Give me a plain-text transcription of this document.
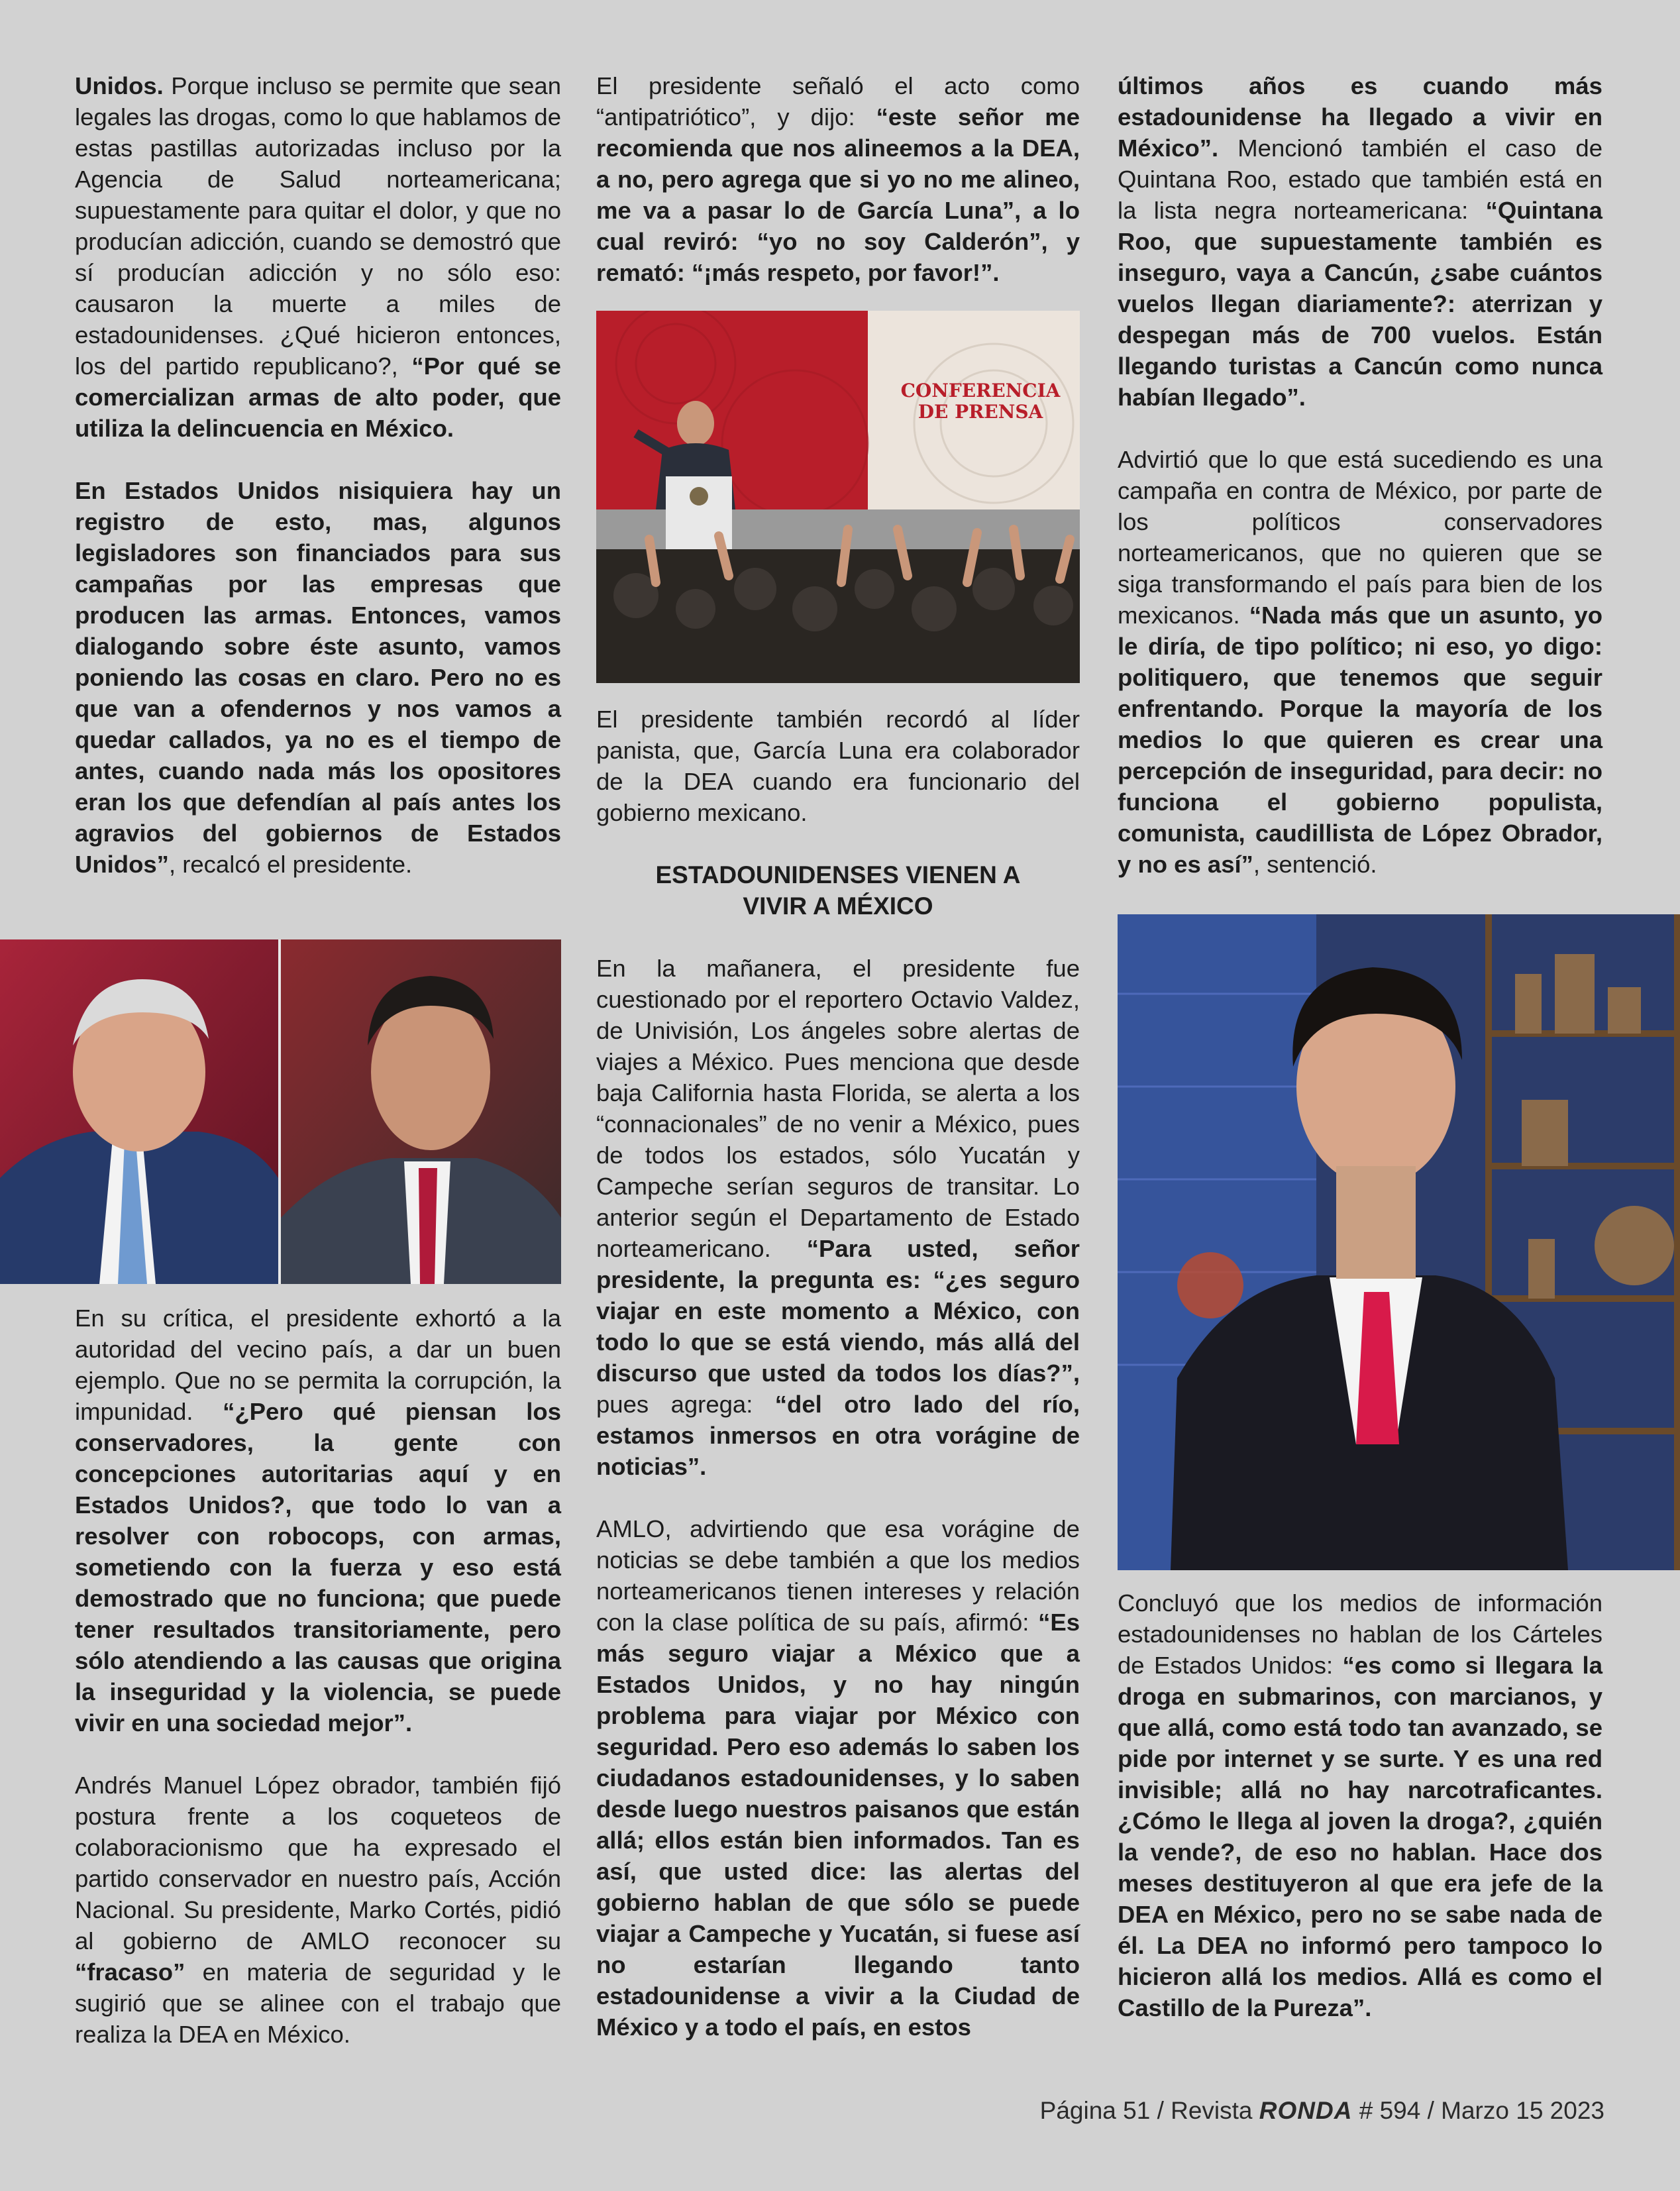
Unidos. Porque incluso se permite que sean legales las drogas, como lo que hablamos de estas pastillas autorizadas incluso por la Agencia de Salud norteamericana; supuestamente para quitar el dolor, y que no producían adicción, cuando se demostró que sí producían adicción y no sólo eso: causaron la muerte a miles de estadounidenses. ¿Qué hicieron entonces, los del partido republicano?, “Por qué se comercializan armas de alto poder, que utiliza la delincuencia en México.

En Estados Unidos nisiquiera hay un registro de esto, mas, algunos legisladores son financiados para sus campañas por las empresas que producen las armas. Entonces, vamos dialogando sobre éste asunto, vamos poniendo las cosas en claro. Pero no es que van a ofendernos y nos vamos a quedar callados, ya no es el tiempo de antes, cuando nada más los opositores eran los que defendían al país antes los agravios del gobiernos de Estados Unidos”, recalcó el presidente.

En su crítica, el presidente exhortó a la autoridad del vecino país, a dar un buen ejemplo. Que no se permita la corrupción, la impunidad. “¿Pero qué piensan los conservadores, la gente con concepciones autoritarias aquí y en Estados Unidos?, que todo lo van a resolver con robocops, con armas, sometiendo con la fuerza y eso está demostrado que no funciona; que puede tener resultados transitoriamente, pero sólo atendiendo a las causas que origina la inseguridad y la violencia, se puede vivir en una sociedad mejor”.

Andrés Manuel López obrador, también fijó postura frente a los coqueteos de colaboracionismo que ha expresado el partido conservador en nuestro país, Acción Nacional. Su presidente, Marko Cortés, pidió al gobierno de AMLO reconocer su “fracaso” en materia de seguridad y le sugirió que se alinee con el trabajo que realiza la DEA en México.

El presidente señaló el acto como “antipatriótico”, y dijo: “este señor me recomienda que nos alineemos a la DEA, a no, pero agrega que si yo no me alineo, me va a pasar lo de García Luna”, a lo cual reviró: “yo no soy Calderón”, y remató: “¡más respeto, por favor!”.

CONFERENCIA
DE PRENSA

El presidente también recordó al líder panista, que, García Luna era colaborador de la DEA cuando era funcionario del gobierno mexicano.

ESTADOUNIDENSES VIENEN A
VIVIR A MÉXICO

En la mañanera, el presidente fue cuestionado por el reportero Octavio Valdez, de Univisión, Los ángeles sobre alertas de viajes a México. Pues menciona que desde baja California hasta Florida, se alerta a los “connacionales” de no venir a México, pues de todos los estados, sólo Yucatán y Campeche serían seguros de transitar. Lo anterior según el Departamento de Estado norteamericano. “Para usted, señor presidente, la pregunta es: “¿es seguro viajar en este momento a México, con todo lo que se está viendo, más allá del discurso que usted da todos los días?”, pues agrega: “del otro lado del río, estamos inmersos en otra vorágine de noticias”.

AMLO, advirtiendo que esa vorágine de noticias se debe también a que los medios norteamericanos tienen intereses y relación con la clase política de su país, afirmó: “Es más seguro viajar a México que a Estados Unidos, y no hay ningún problema para viajar por México con seguridad. Pero eso además lo saben los ciudadanos estadounidenses, y lo saben desde luego nuestros paisanos que están allá; ellos están bien informados. Tan es así, que usted dice: las alertas del gobierno hablan de que sólo se puede viajar a Campeche y Yucatán, si fuese así no estarían llegando tanto estadounidense a vivir a la Ciudad de México y a todo el país, en estos

últimos años es cuando más estadounidense ha llegado a vivir en México”. Mencionó también el caso de Quintana Roo, estado que también está en la lista negra norteamericana: “Quintana Roo, que supuestamente también es inseguro, vaya a Cancún, ¿sabe cuántos vuelos llegan diariamente?: aterrizan y despegan más de 700 vuelos. Están llegando turistas a Cancún como nunca habían llegado”.

Advirtió que lo que está sucediendo es una campaña en contra de México, por parte de los políticos conservadores norteamericanos, que no quieren que se siga transformando el país para bien de los mexicanos. “Nada más que un asunto, yo le diría, de tipo político; ni eso, yo digo: politiquero, que tenemos que seguir enfrentando. Porque la mayoría de los medios lo que quieren es crear una percepción de inseguridad, para decir: no funciona el gobierno populista, comunista, caudillista de López Obrador, y no es así”, sentenció.

Concluyó que los medios de información estadounidenses no hablan de los Cárteles de Estados Unidos: “es como si llegara la droga en submarinos, con marcianos, y que allá, como está todo tan avanzado, se pide por internet y se surte. Y es una red invisible; allá no hay narcotraficantes. ¿Cómo le llega al joven la droga?, ¿quién la vende?, de eso no hablan. Hace dos meses destituyeron al que era jefe de la DEA en México, pero no se sabe nada de él. La DEA no informó pero tampoco lo hicieron allá los medios. Allá es como el Castillo de la Pureza”.

Página 51 / Revista RONDA # 594 / Marzo 15 2023
